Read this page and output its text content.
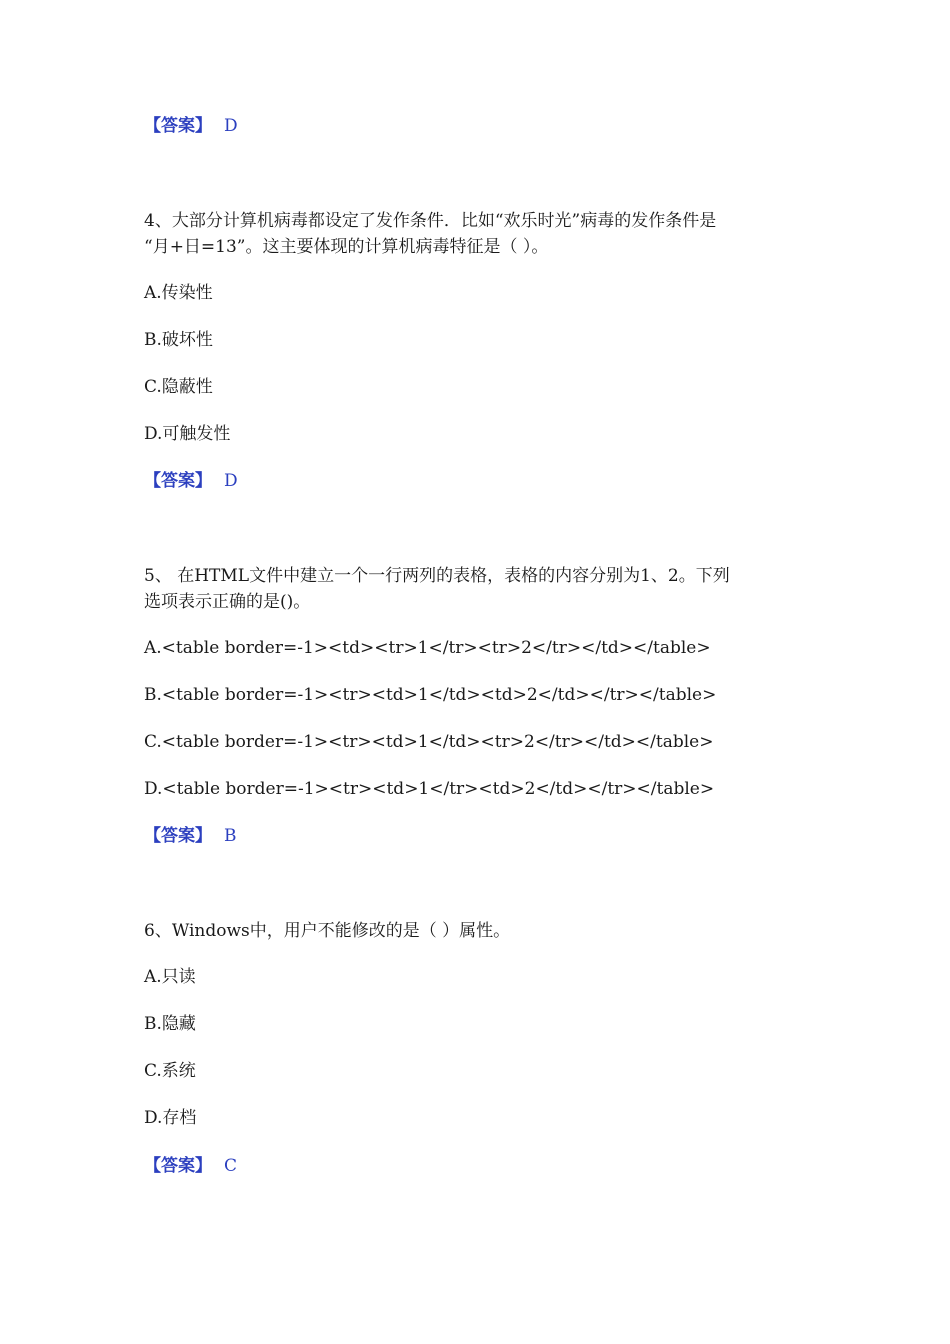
【答案】 D
4、大部分计算机病毒都设定了发作条件．比如“欢乐时光”病毒的发作条件是
“月+日=13”。这主要体现的计算机病毒特征是（ ）。
A.传染性
B.破坏性
C.隐蔽性
D.可触发性
【答案】 D
5、 在HTML文件中建立一个一行两列的表格，表格的内容分别为1、2。下列
选项表示正确的是()。
A.<table border=-1><td><tr>1</tr><tr>2</tr></td></table>
B.<table border=-1><tr><td>1</td><td>2</td></tr></table>
C.<table border=-1><tr><td>1</td><tr>2</tr></td></table>
D.<table border=-1><tr><td>1</tr><td>2</td></tr></table>
【答案】 B
6、Windows中，用户不能修改的是（ ）属性。
A.只读
B.隐藏
C.系统
D.存档
【答案】 C
